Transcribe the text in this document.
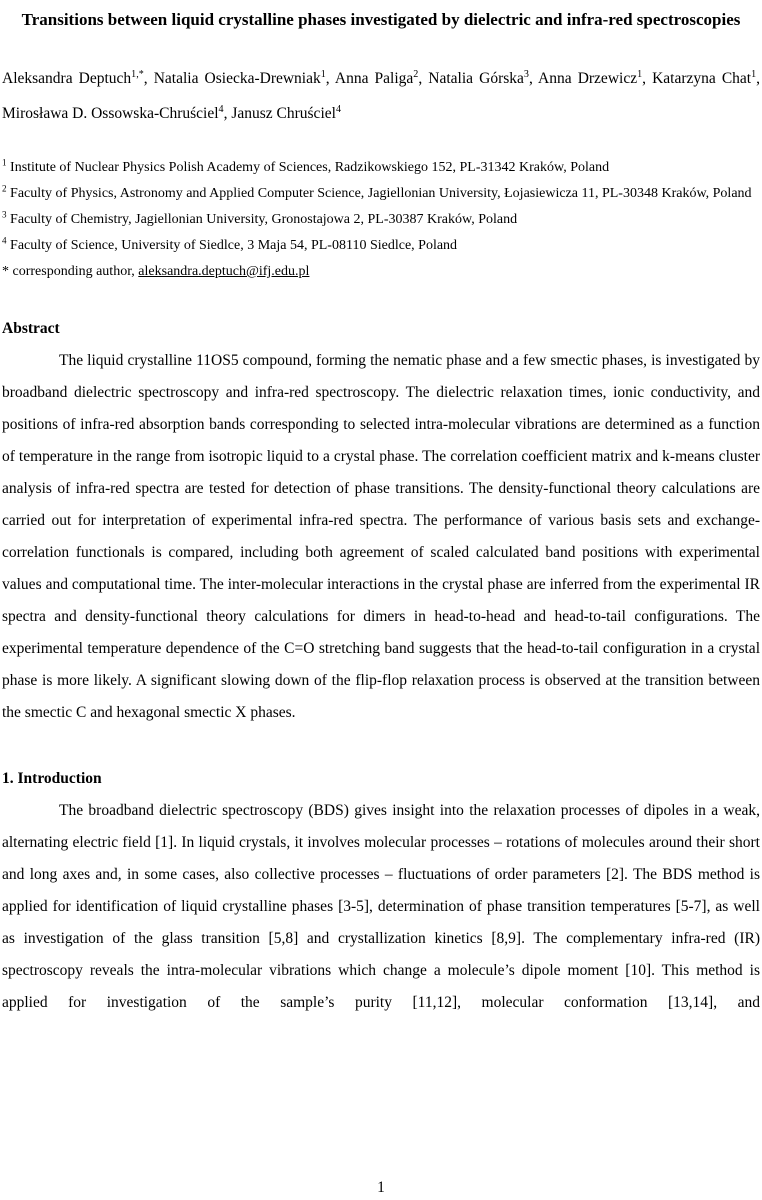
Transitions between liquid crystalline phases investigated by dielectric and infra-red spectroscopies

Aleksandra Deptuch$^{1,*}$, Natalia Osiecka-Drewniak$^1$, Anna Paliga$^2$, Natalia Górska$^3$, Anna Drzewicz$^1$, Katarzyna Chat$^1$, Mirosława D. Ossowska-Chruściel$^4$, Janusz Chruściel$^4$

$^1$ Institute of Nuclear Physics Polish Academy of Sciences, Radzikowskiego 152, PL-31342 Kraków, Poland

$^2$ Faculty of Physics, Astronomy and Applied Computer Science, Jagiellonian University, Łojasiewicza 11, PL-30348 Kraków, Poland

$^3$ Faculty of Chemistry, Jagiellonian University, Gronostajowa 2, PL-30387 Kraków, Poland

$^4$ Faculty of Science, University of Siedlce, 3 Maja 54, PL-08110 Siedlce, Poland

* corresponding author, aleksandra.deptuch@ifj.edu.pl

Abstract

The liquid crystalline 11OS5 compound, forming the nematic phase and a few smectic phases, is investigated by broadband dielectric spectroscopy and infra-red spectroscopy. The dielectric relaxation times, ionic conductivity, and positions of infra-red absorption bands corresponding to selected intra-molecular vibrations are determined as a function of temperature in the range from isotropic liquid to a crystal phase. The correlation coefficient matrix and k-means cluster analysis of infra-red spectra are tested for detection of phase transitions. The density-functional theory calculations are carried out for interpretation of experimental infra-red spectra. The performance of various basis sets and exchange-correlation functionals is compared, including both agreement of scaled calculated band positions with experimental values and computational time. The inter-molecular interactions in the crystal phase are inferred from the experimental IR spectra and density-functional theory calculations for dimers in head-to-head and head-to-tail configurations. The experimental temperature dependence of the C=O stretching band suggests that the head-to-tail configuration in a crystal phase is more likely. A significant slowing down of the flip-flop relaxation process is observed at the transition between the smectic C and hexagonal smectic X phases.

1. Introduction

The broadband dielectric spectroscopy (BDS) gives insight into the relaxation processes of dipoles in a weak, alternating electric field [1]. In liquid crystals, it involves molecular processes – rotations of molecules around their short and long axes and, in some cases, also collective processes – fluctuations of order parameters [2]. The BDS method is applied for identification of liquid crystalline phases [3-5], determination of phase transition temperatures [5-7], as well as investigation of the glass transition [5,8] and crystallization kinetics [8,9]. The complementary infra-red (IR) spectroscopy reveals the intra-molecular vibrations which change a molecule’s dipole moment [10]. This method is applied for investigation of the sample’s purity [11,12], molecular conformation [13,14], and

1
